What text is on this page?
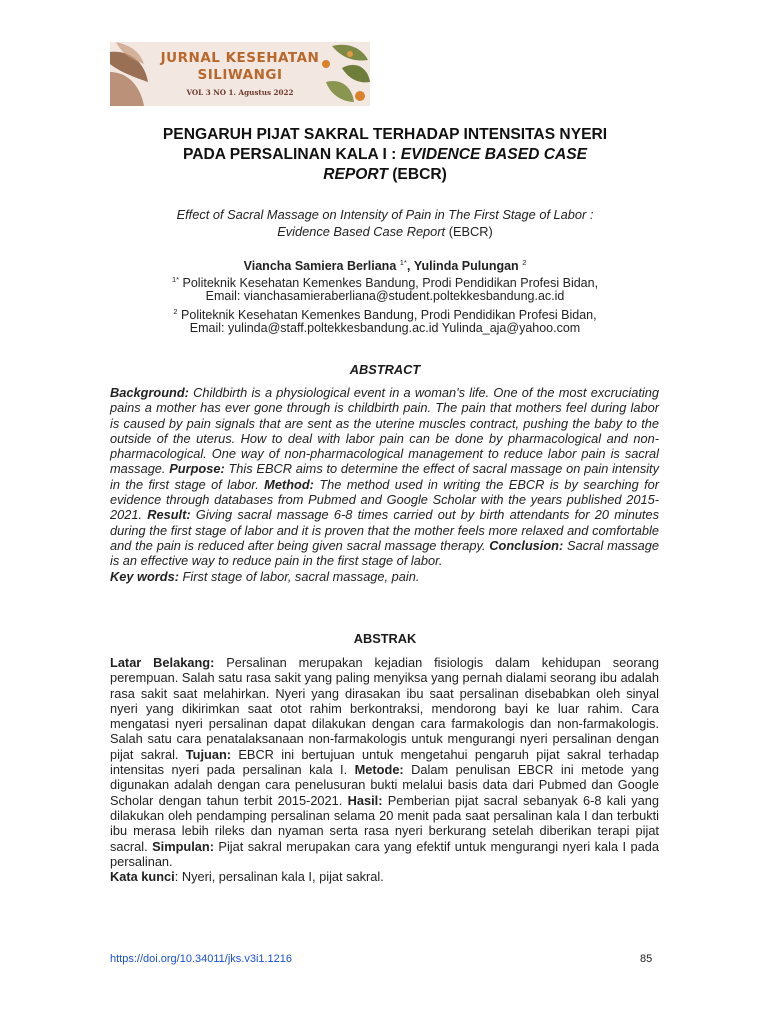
JURNAL KESEHATAN
SILIWANGI
VOL 3 NO 1. Agustus 2022
PENGARUH PIJAT SAKRAL TERHADAP INTENSITAS NYERI
PADA PERSALINAN KALA I : EVIDENCE BASED CASE
REPORT (EBCR)
Effect of Sacral Massage on Intensity of Pain in The First Stage of Labor :
Evidence Based Case Report (EBCR)
Viancha Samiera Berliana $^{1*}$, Yulinda Pulungan $^2$
$^{1*}$ Politeknik Kesehatan Kemenkes Bandung, Prodi Pendidikan Profesi Bidan,
Email: vianchasamieraberliana@student.poltekkesbandung.ac.id
$^2$ Politeknik Kesehatan Kemenkes Bandung, Prodi Pendidikan Profesi Bidan,
Email: yulinda@staff.poltekkesbandung.ac.id Yulinda_aja@yahoo.com
ABSTRACT
Background: Childbirth is a physiological event in a woman's life. One of the most excruciating pains a mother has ever gone through is childbirth pain. The pain that mothers feel during labor is caused by pain signals that are sent as the uterine muscles contract, pushing the baby to the outside of the uterus. How to deal with labor pain can be done by pharmacological and non-pharmacological. One way of non-pharmacological management to reduce labor pain is sacral massage. Purpose: This EBCR aims to determine the effect of sacral massage on pain intensity in the first stage of labor. Method: The method used in writing the EBCR is by searching for evidence through databases from Pubmed and Google Scholar with the years published 2015-2021. Result: Giving sacral massage 6-8 times carried out by birth attendants for 20 minutes during the first stage of labor and it is proven that the mother feels more relaxed and comfortable and the pain is reduced after being given sacral massage therapy. Conclusion: Sacral massage is an effective way to reduce pain in the first stage of labor.
Key words: First stage of labor, sacral massage, pain.
ABSTRAK
Latar Belakang: Persalinan merupakan kejadian fisiologis dalam kehidupan seorang perempuan. Salah satu rasa sakit yang paling menyiksa yang pernah dialami seorang ibu adalah rasa sakit saat melahirkan. Nyeri yang dirasakan ibu saat persalinan disebabkan oleh sinyal nyeri yang dikirimkan saat otot rahim berkontraksi, mendorong bayi ke luar rahim. Cara mengatasi nyeri persalinan dapat dilakukan dengan cara farmakologis dan non-farmakologis. Salah satu cara penatalaksanaan non-farmakologis untuk mengurangi nyeri persalinan dengan pijat sakral. Tujuan: EBCR ini bertujuan untuk mengetahui pengaruh pijat sakral terhadap intensitas nyeri pada persalinan kala I. Metode: Dalam penulisan EBCR ini metode yang digunakan adalah dengan cara penelusuran bukti melalui basis data dari Pubmed dan Google Scholar dengan tahun terbit 2015-2021. Hasil: Pemberian pijat sacral sebanyak 6-8 kali yang dilakukan oleh pendamping persalinan selama 20 menit pada saat persalinan kala I dan terbukti ibu merasa lebih rileks dan nyaman serta rasa nyeri berkurang setelah diberikan terapi pijat sacral. Simpulan: Pijat sakral merupakan cara yang efektif untuk mengurangi nyeri kala I pada persalinan.
Kata kunci: Nyeri, persalinan kala I, pijat sakral.
https://doi.org/10.34011/jks.v3i1.1216	85
